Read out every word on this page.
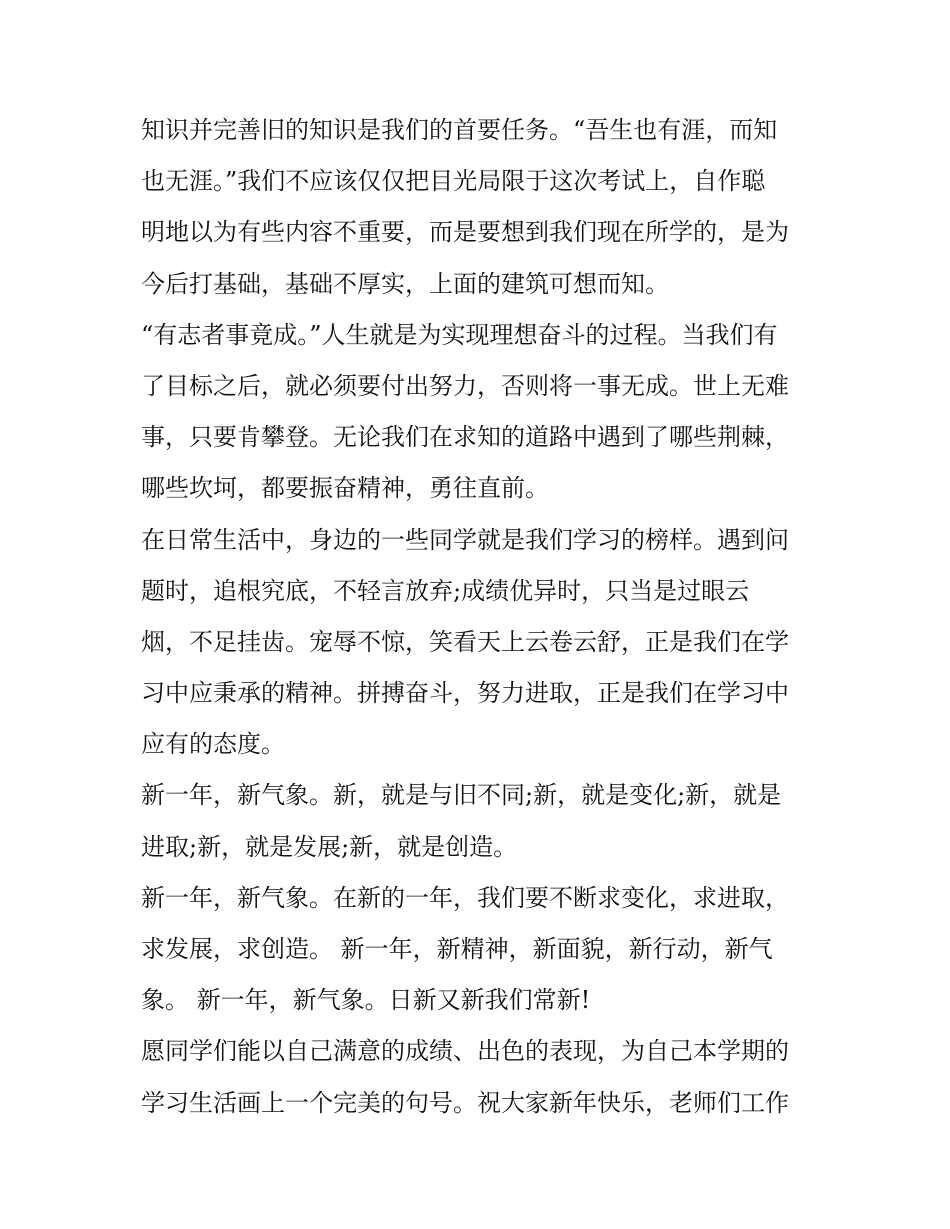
知识并完善旧的知识是我们的首要任务。“吾生也有涯，而知
也无涯。”我们不应该仅仅把目光局限于这次考试上，自作聪
明地以为有些内容不重要，而是要想到我们现在所学的，是为
今后打基础，基础不厚实，上面的建筑可想而知。
“有志者事竟成。”人生就是为实现理想奋斗的过程。当我们有
了目标之后，就必须要付出努力，否则将一事无成。世上无难
事，只要肯攀登。无论我们在求知的道路中遇到了哪些荆棘，
哪些坎坷，都要振奋精神，勇往直前。
在日常生活中，身边的一些同学就是我们学习的榜样。遇到问
题时，追根究底，不轻言放弃;成绩优异时，只当是过眼云
烟，不足挂齿。宠辱不惊，笑看天上云卷云舒，正是我们在学
习中应秉承的精神。拼搏奋斗，努力进取，正是我们在学习中
应有的态度。
新一年，新气象。新，就是与旧不同;新，就是变化;新，就是
进取;新，就是发展;新，就是创造。
新一年，新气象。在新的一年，我们要不断求变化，求进取，
求发展，求创造。 新一年，新精神，新面貌，新行动，新气
象。 新一年，新气象。日新又新我们常新!
愿同学们能以自己满意的成绩、出色的表现，为自己本学期的
学习生活画上一个完美的句号。祝大家新年快乐，老师们工作
